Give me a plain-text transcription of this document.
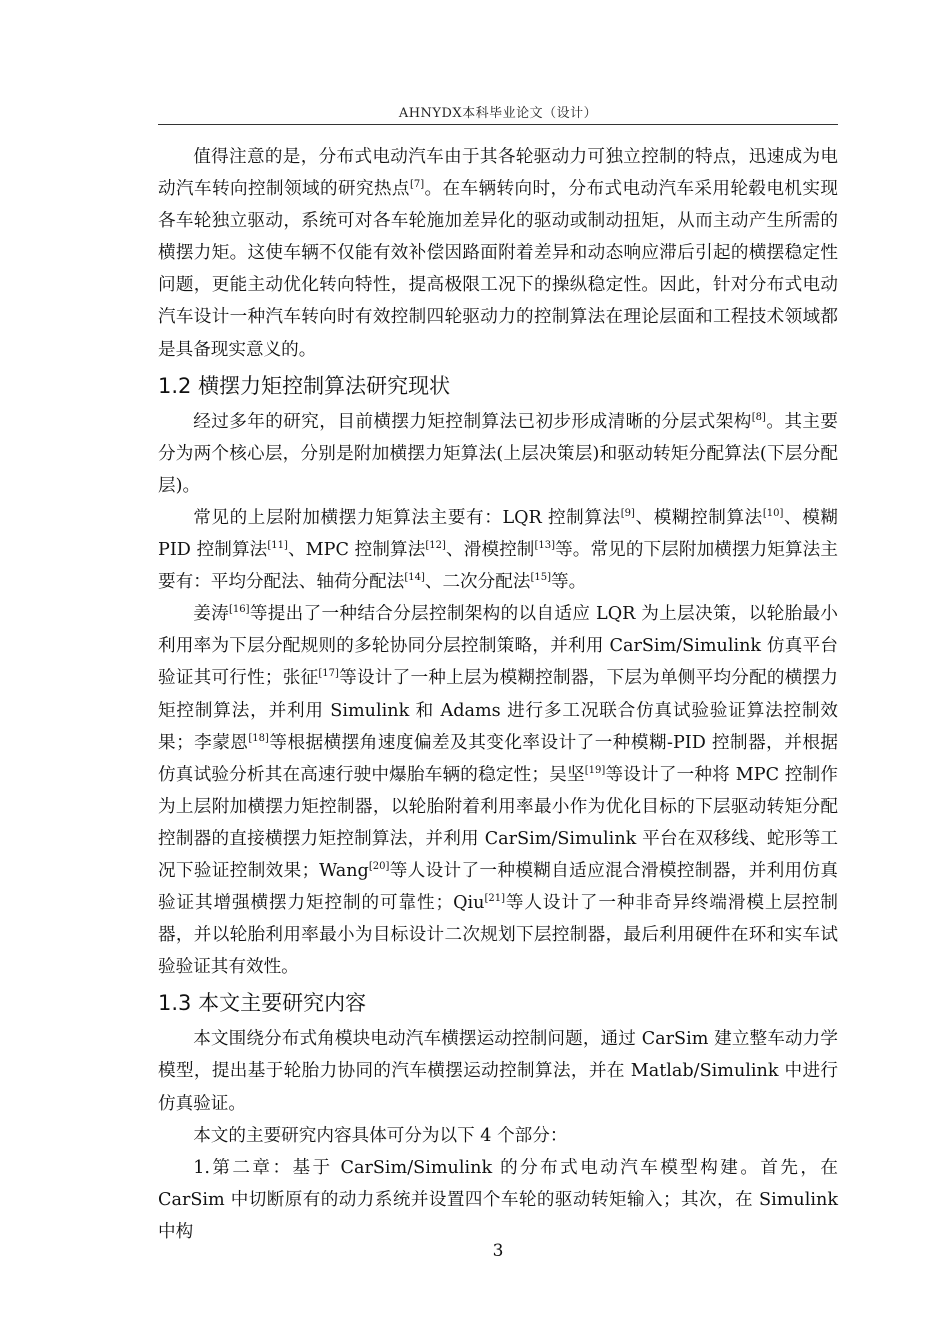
AHNYDX本科毕业论文（设计）

值得注意的是，分布式电动汽车由于其各轮驱动力可独立控制的特点，迅速成为电动汽车转向控制领域的研究热点[7]。在车辆转向时，分布式电动汽车采用轮毂电机实现各车轮独立驱动，系统可对各车轮施加差异化的驱动或制动扭矩，从而主动产生所需的横摆力矩。这使车辆不仅能有效补偿因路面附着差异和动态响应滞后引起的横摆稳定性问题，更能主动优化转向特性，提高极限工况下的操纵稳定性。因此，针对分布式电动汽车设计一种汽车转向时有效控制四轮驱动力的控制算法在理论层面和工程技术领域都是具备现实意义的。

1.2 横摆力矩控制算法研究现状

经过多年的研究，目前横摆力矩控制算法已初步形成清晰的分层式架构[8]。其主要分为两个核心层，分别是附加横摆力矩算法(上层决策层)和驱动转矩分配算法(下层分配层)。

常见的上层附加横摆力矩算法主要有：LQR 控制算法[9]、模糊控制算法[10]、模糊 PID 控制算法[11]、MPC 控制算法[12]、滑模控制[13]等。常见的下层附加横摆力矩算法主要有：平均分配法、轴荷分配法[14]、二次分配法[15]等。

姜涛[16]等提出了一种结合分层控制架构的以自适应 LQR 为上层决策，以轮胎最小利用率为下层分配规则的多轮协同分层控制策略，并利用 CarSim/Simulink 仿真平台验证其可行性；张征[17]等设计了一种上层为模糊控制器，下层为单侧平均分配的横摆力矩控制算法，并利用 Simulink 和 Adams 进行多工况联合仿真试验验证算法控制效果；李蒙恩[18]等根据横摆角速度偏差及其变化率设计了一种模糊-PID 控制器，并根据仿真试验分析其在高速行驶中爆胎车辆的稳定性；吴坚[19]等设计了一种将 MPC 控制作为上层附加横摆力矩控制器，以轮胎附着利用率最小作为优化目标的下层驱动转矩分配控制器的直接横摆力矩控制算法，并利用 CarSim/Simulink 平台在双移线、蛇形等工况下验证控制效果；Wang[20]等人设计了一种模糊自适应混合滑模控制器，并利用仿真验证其增强横摆力矩控制的可靠性；Qiu[21]等人设计了一种非奇异终端滑模上层控制器，并以轮胎利用率最小为目标设计二次规划下层控制器，最后利用硬件在环和实车试验验证其有效性。

1.3 本文主要研究内容

本文围绕分布式角模块电动汽车横摆运动控制问题，通过 CarSim 建立整车动力学模型，提出基于轮胎力协同的汽车横摆运动控制算法，并在 Matlab/Simulink 中进行仿真验证。

本文的主要研究内容具体可分为以下 4 个部分：

1.第二章：基于 CarSim/Simulink 的分布式电动汽车模型构建。首先，在 CarSim 中切断原有的动力系统并设置四个车轮的驱动转矩输入；其次，在 Simulink 中构

3
